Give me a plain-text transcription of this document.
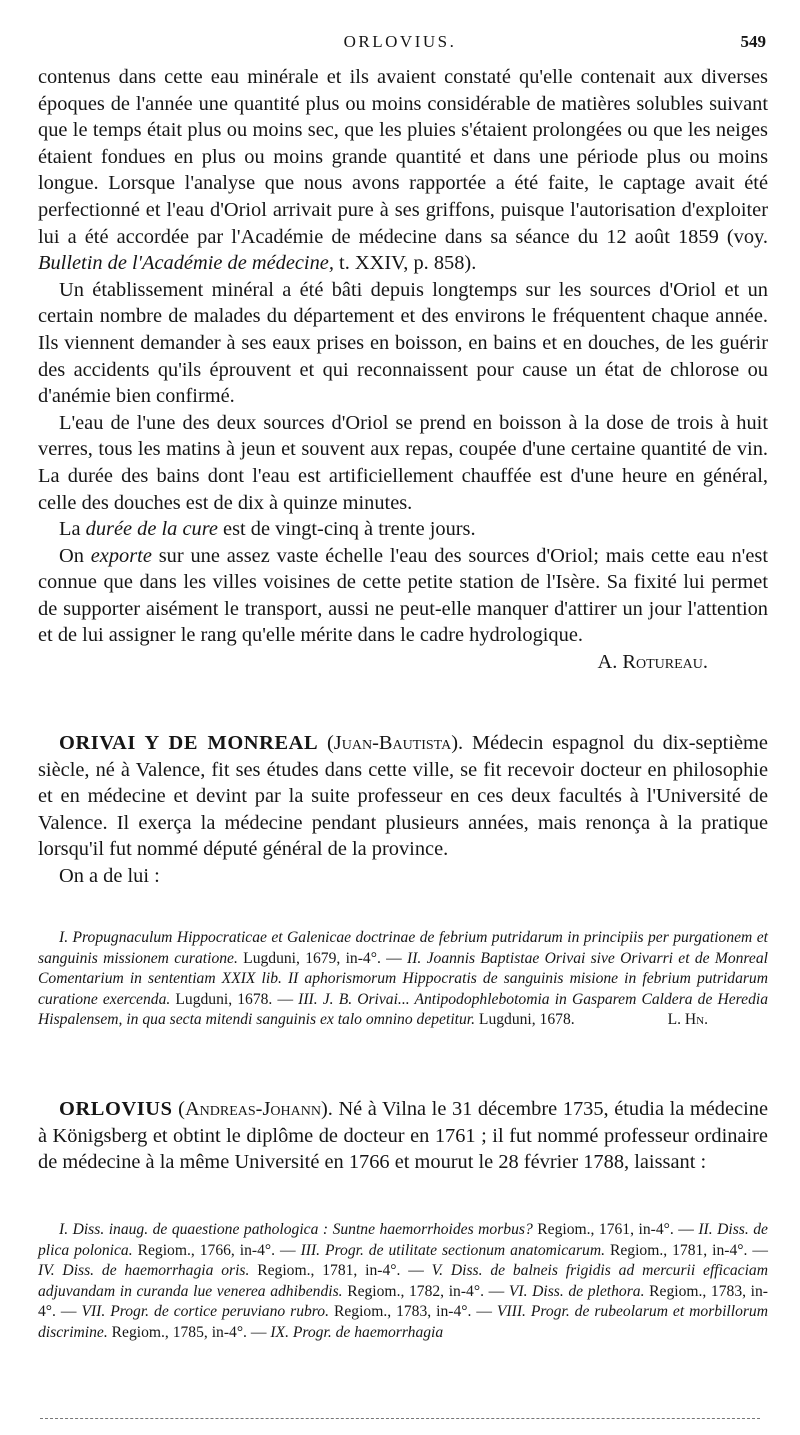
ORLOVIUS.	549

contenus dans cette eau minérale et ils avaient constaté qu'elle contenait aux diverses époques de l'année une quantité plus ou moins considérable de matières solubles suivant que le temps était plus ou moins sec, que les pluies s'étaient prolongées ou que les neiges étaient fondues en plus ou moins grande quantité et dans une période plus ou moins longue. Lorsque l'analyse que nous avons rapportée a été faite, le captage avait été perfectionné et l'eau d'Oriol arrivait pure à ses griffons, puisque l'autorisation d'exploiter lui a été accordée par l'Académie de médecine dans sa séance du 12 août 1859 (voy. Bulletin de l'Académie de médecine, t. XXIV, p. 858).

Un établissement minéral a été bâti depuis longtemps sur les sources d'Oriol et un certain nombre de malades du département et des environs le fréquentent chaque année. Ils viennent demander à ses eaux prises en boisson, en bains et en douches, de les guérir des accidents qu'ils éprouvent et qui reconnaissent pour cause un état de chlorose ou d'anémie bien confirmé.

L'eau de l'une des deux sources d'Oriol se prend en boisson à la dose de trois à huit verres, tous les matins à jeun et souvent aux repas, coupée d'une certaine quantité de vin. La durée des bains dont l'eau est artificiellement chauffée est d'une heure en général, celle des douches est de dix à quinze minutes.

La durée de la cure est de vingt-cinq à trente jours.

On exporte sur une assez vaste échelle l'eau des sources d'Oriol; mais cette eau n'est connue que dans les villes voisines de cette petite station de l'Isère. Sa fixité lui permet de supporter aisément le transport, aussi ne peut-elle manquer d'attirer un jour l'attention et de lui assigner le rang qu'elle mérite dans le cadre hydrologique.
A. Rotureau.

ORIVAI Y DE MONREAL (Juan-Bautista). Médecin espagnol du dix-septième siècle, né à Valence, fit ses études dans cette ville, se fit recevoir docteur en philosophie et en médecine et devint par la suite professeur en ces deux facultés à l'Université de Valence. Il exerça la médecine pendant plusieurs années, mais renonça à la pratique lorsqu'il fut nommé député général de la province.

On a de lui :

I. Propugnaculum Hippocraticae et Galenicae doctrinae de febrium putridarum in principiis per purgationem et sanguinis missionem curatione. Lugduni, 1679, in-4°. — II. Joannis Baptistae Orivai sive Orivarri et de Monreal Comentarium in sententiam XXIX lib. II aphorismorum Hippocratis de sanguinis misione in febrium putridarum curatione exercenda. Lugduni, 1678. — III. J. B. Orivai... Antipodophlebotomia in Gasparem Caldera de Heredia Hispalensem, in qua secta mitendi sanguinis ex talo omnino depetitur. Lugduni, 1678.	L. Hn.

ORLOVIUS (Andreas-Johann). Né à Vilna le 31 décembre 1735, étudia la médecine à Königsberg et obtint le diplôme de docteur en 1761 ; il fut nommé professeur ordinaire de médecine à la même Université en 1766 et mourut le 28 février 1788, laissant :

I. Diss. inaug. de quaestione pathologica : Suntne haemorrhoides morbus? Regiom., 1761, in-4°. — II. Diss. de plica polonica. Regiom., 1766, in-4°. — III. Progr. de utilitate sectionum anatomicarum. Regiom., 1781, in-4°. — IV. Diss. de haemorrhagia oris. Regiom., 1781, in-4°. — V. Diss. de balneis frigidis ad mercurii efficaciam adjuvandam in curanda lue venerea adhibendis. Regiom., 1782, in-4°. — VI. Diss. de plethora. Regiom., 1783, in-4°. — VII. Progr. de cortice peruviano rubro. Regiom., 1783, in-4°. — VIII. Progr. de rubeolarum et morbillorum discrimine. Regiom., 1785, in-4°. — IX. Progr. de haemorrhagia
